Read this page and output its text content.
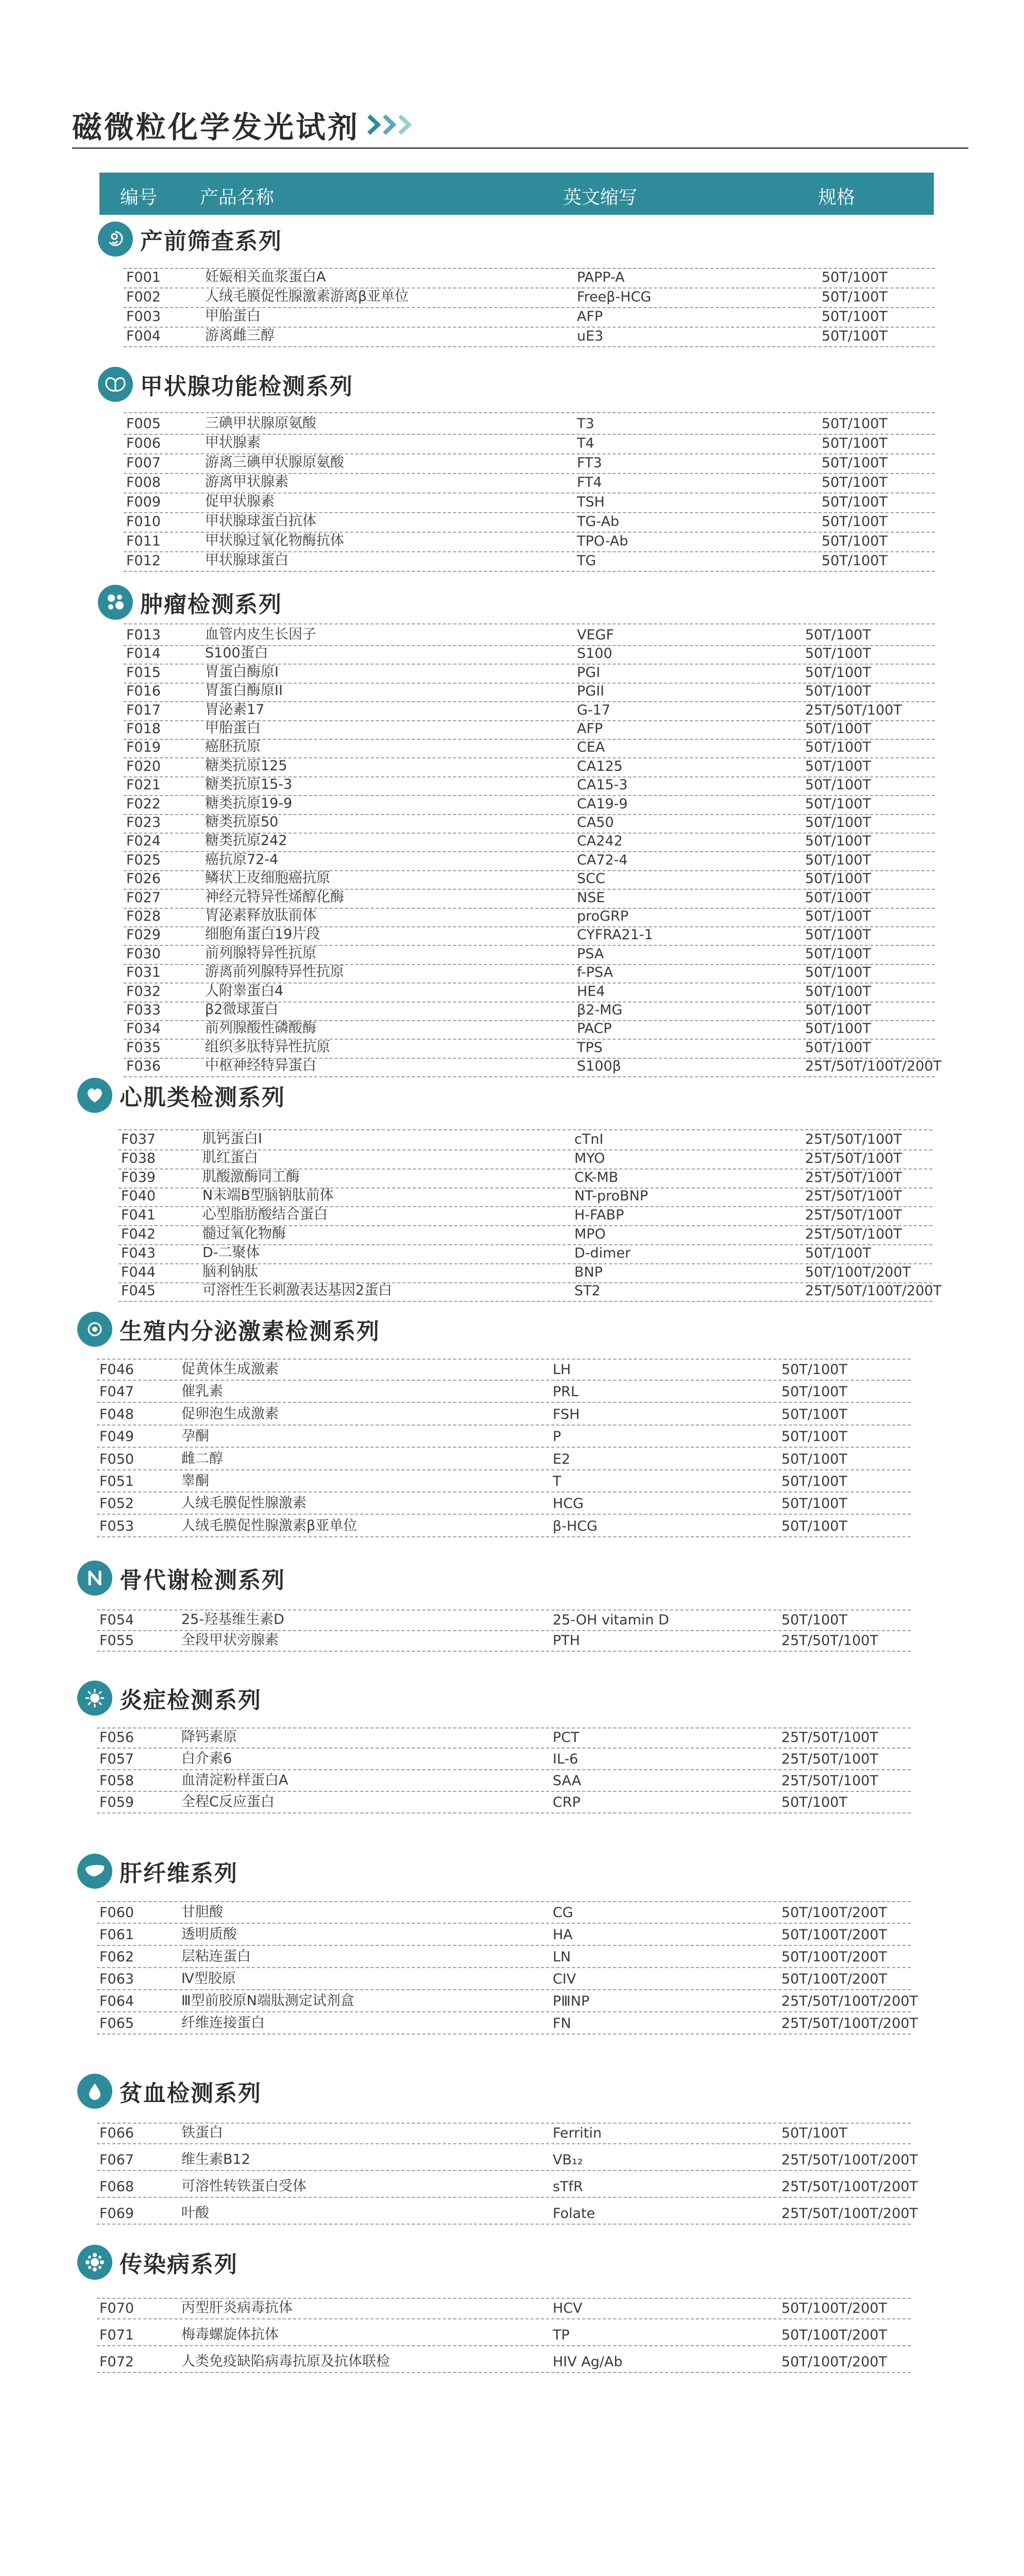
磁微粒化学发光试剂
编号 产品名称	英文缩写	规格
产前筛查系列
F001	妊娠相关血浆蛋白A	PAPP-A	50T/100T
F002	人绒毛膜促性腺激素游离β亚单位	Freeβ-HCG	50T/100T
F003	甲胎蛋白	AFP	50T/100T
F004	游离雌三醇	uE3	50T/100T
甲状腺功能检测系列
F005	三碘甲状腺原氨酸	T3	50T/100T
F006	甲状腺素	T4	50T/100T
F007	游离三碘甲状腺原氨酸	FT3	50T/100T
F008	游离甲状腺素	FT4	50T/100T
F009	促甲状腺素	TSH	50T/100T
F010	甲状腺球蛋白抗体	TG-Ab	50T/100T
F011	甲状腺过氧化物酶抗体	TPO-Ab	50T/100T
F012	甲状腺球蛋白	TG	50T/100T
肿瘤检测系列
F013	血管内皮生长因子	VEGF	50T/100T
F014	S100蛋白	S100	50T/100T
F015	胃蛋白酶原I	PGI	50T/100T
F016	胃蛋白酶原II	PGII	50T/100T
F017	胃泌素17	G-17	25T/50T/100T
F018	甲胎蛋白	AFP	50T/100T
F019	癌胚抗原	CEA	50T/100T
F020	糖类抗原125	CA125	50T/100T
F021	糖类抗原15-3	CA15-3	50T/100T
F022	糖类抗原19-9	CA19-9	50T/100T
F023	糖类抗原50	CA50	50T/100T
F024	糖类抗原242	CA242	50T/100T
F025	癌抗原72-4	CA72-4	50T/100T
F026	鳞状上皮细胞癌抗原	SCC	50T/100T
F027	神经元特异性烯醇化酶	NSE	50T/100T
F028	胃泌素释放肽前体	proGRP	50T/100T
F029	细胞角蛋白19片段	CYFRA21-1	50T/100T
F030	前列腺特异性抗原	PSA	50T/100T
F031	游离前列腺特异性抗原	f-PSA	50T/100T
F032	人附睾蛋白4	HE4	50T/100T
F033	β2微球蛋白	β2-MG	50T/100T
F034	前列腺酸性磷酸酶	PACP	50T/100T
F035	组织多肽特异性抗原	TPS	50T/100T
F036	中枢神经特异蛋白	S100β	25T/50T/100T/200T
心肌类检测系列
F037	肌钙蛋白I	cTnI	25T/50T/100T
F038	肌红蛋白	MYO	25T/50T/100T
F039	肌酸激酶同工酶	CK-MB	25T/50T/100T
F040	N末端B型脑钠肽前体	NT-proBNP	25T/50T/100T
F041	心型脂肪酸结合蛋白	H-FABP	25T/50T/100T
F042	髓过氧化物酶	MPO	25T/50T/100T
F043	D-二聚体	D-dimer	50T/100T
F044	脑利钠肽	BNP	50T/100T/200T
F045	可溶性生长刺激表达基因2蛋白	ST2	25T/50T/100T/200T
生殖内分泌激素检测系列
F046	促黄体生成激素	LH	50T/100T
F047	催乳素	PRL	50T/100T
F048	促卵泡生成激素	FSH	50T/100T
F049	孕酮	P	50T/100T
F050	雌二醇	E2	50T/100T
F051	睾酮	T	50T/100T
F052	人绒毛膜促性腺激素	HCG	50T/100T
F053	人绒毛膜促性腺激素β亚单位	β-HCG	50T/100T
骨代谢检测系列
F054	25-羟基维生素D	25-OH vitamin D	50T/100T
F055	全段甲状旁腺素	PTH	25T/50T/100T
炎症检测系列
F056	降钙素原	PCT	25T/50T/100T
F057	白介素6	IL-6	25T/50T/100T
F058	血清淀粉样蛋白A	SAA	25T/50T/100T
F059	全程C反应蛋白	CRP	50T/100T
肝纤维系列
F060	甘胆酸	CG	50T/100T/200T
F061	透明质酸	HA	50T/100T/200T
F062	层粘连蛋白	LN	50T/100T/200T
F063	Ⅳ型胶原	CIV	50T/100T/200T
F064	Ⅲ型前胶原N端肽测定试剂盒	PⅢNP	25T/50T/100T/200T
F065	纤维连接蛋白	FN	25T/50T/100T/200T
贫血检测系列
F066	铁蛋白	Ferritin	50T/100T
F067	维生素B12	VB₁₂	25T/50T/100T/200T
F068	可溶性转铁蛋白受体	sTfR	25T/50T/100T/200T
F069	叶酸	Folate	25T/50T/100T/200T
传染病系列
F070	丙型肝炎病毒抗体	HCV	50T/100T/200T
F071	梅毒螺旋体抗体	TP	50T/100T/200T
F072	人类免疫缺陷病毒抗原及抗体联检	HIV Ag/Ab	50T/100T/200T
